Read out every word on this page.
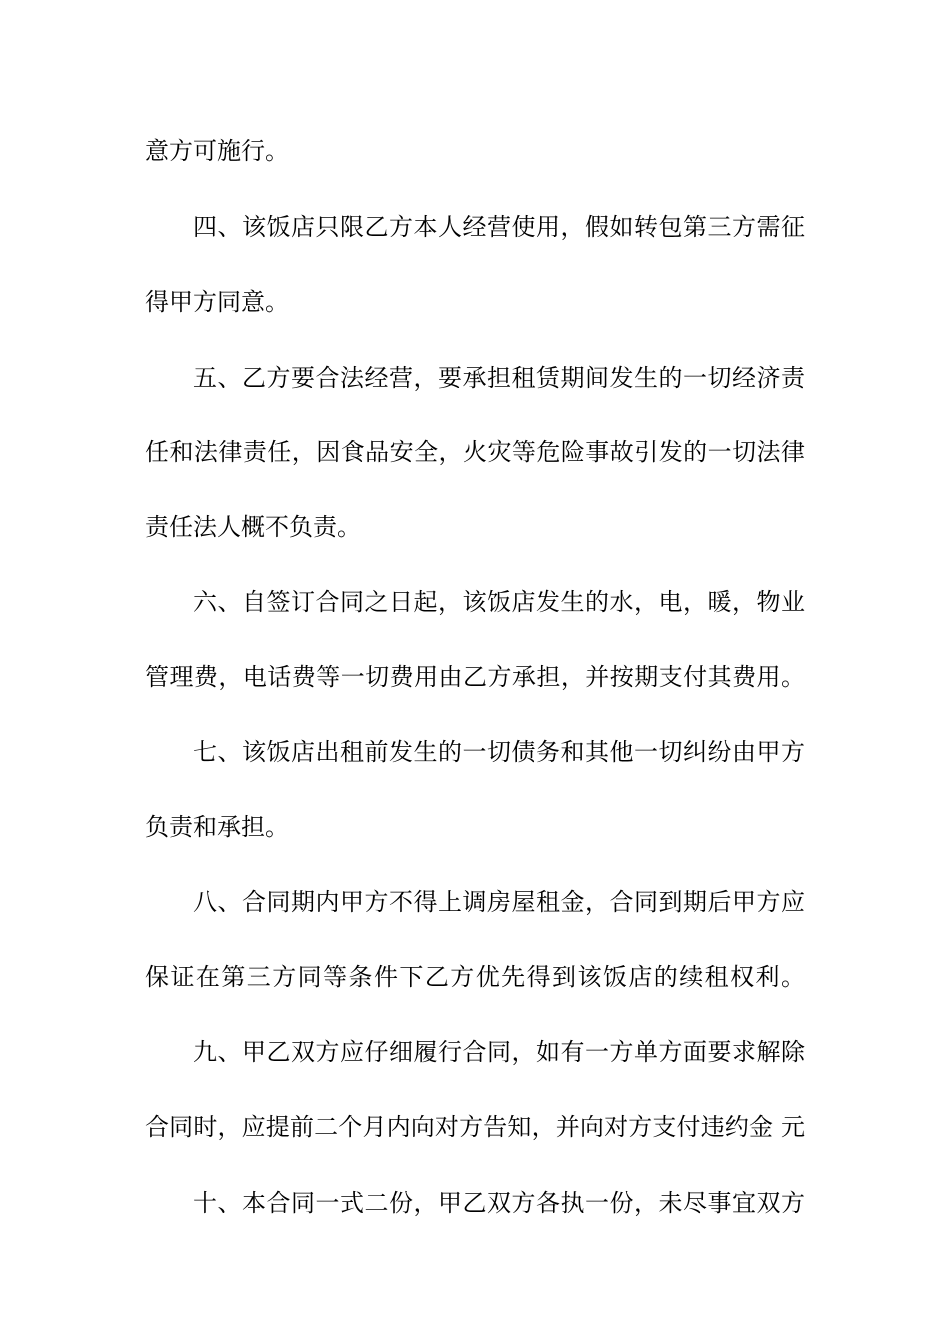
意方可施行。
四、该饭店只限乙方本人经营使用，假如转包第三方需征
得甲方同意。
五、乙方要合法经营，要承担租赁期间发生的一切经济责
任和法律责任，因食品安全，火灾等危险事故引发的一切法律
责任法人概不负责。
六、自签订合同之日起，该饭店发生的水，电，暖，物业
管理费，电话费等一切费用由乙方承担，并按期支付其费用。
七、该饭店出租前发生的一切债务和其他一切纠纷由甲方
负责和承担。
八、合同期内甲方不得上调房屋租金，合同到期后甲方应
保证在第三方同等条件下乙方优先得到该饭店的续租权利。
九、甲乙双方应仔细履行合同，如有一方单方面要求解除
合同时，应提前二个月内向对方告知，并向对方支付违约金 元
十、本合同一式二份，甲乙双方各执一份，未尽事宜双方
